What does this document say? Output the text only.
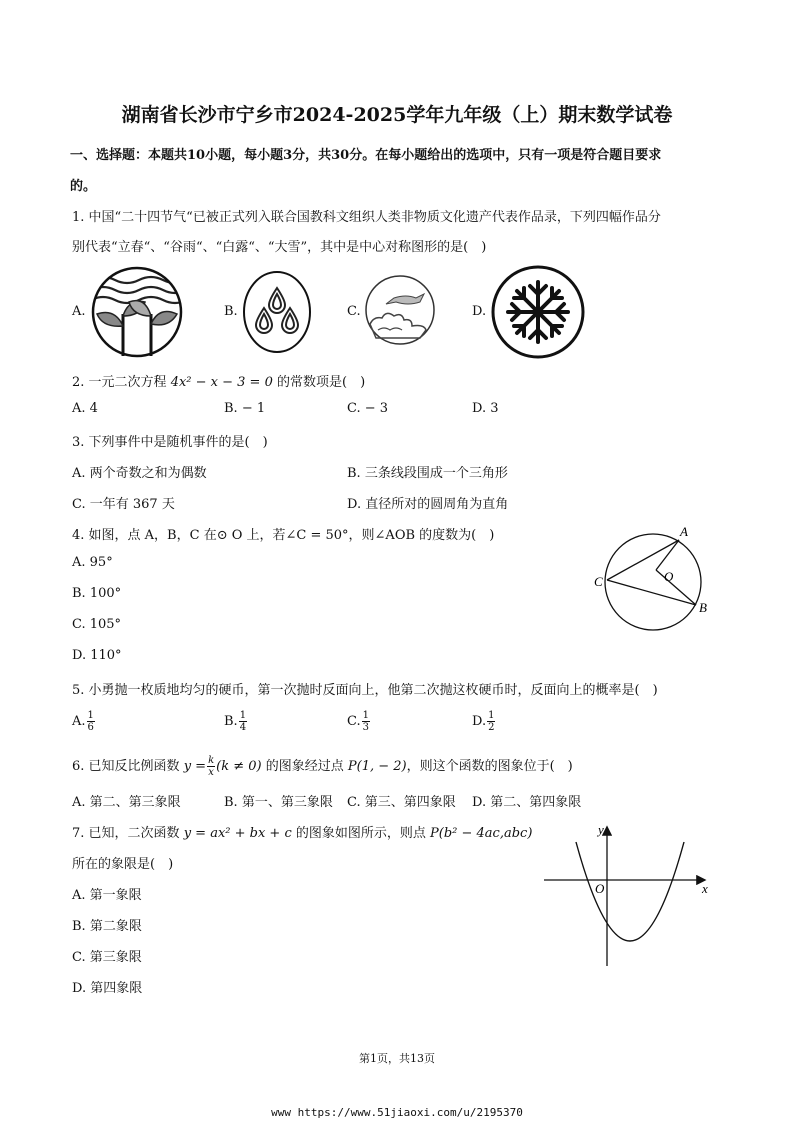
湖南省长沙市宁乡市2024-2025学年九年级（上）期末数学试卷
一、选择题：本题共10小题，每小题3分，共30分。在每小题给出的选项中，只有一项是符合题目要求
的。
1. 中国“二十四节气“已被正式列入联合国教科文组织人类非物质文化遗产代表作品录，下列四幅作品分
别代表“立春“、“谷雨“、“白露“、“大雪”，其中是中心对称图形的是(　)
A.	B.	C.	D.
2. 一元二次方程 4x² − x − 3 = 0 的常数项是(　)
A. 4	B. − 1	C. − 3	D. 3
3. 下列事件中是随机事件的是(　)
A. 两个奇数之和为偶数	B. 三条线段围成一个三角形
C. 一年有 367 天	D. 直径所对的圆周角为直角
4. 如图，点 A，B，C 在⊙ O 上，若∠C = 50°，则∠AOB 的度数为(　)
A. 95°
B. 100°
C. 105°
D. 110°
A
B
C	O
5. 小勇抛一枚质地均匀的硬币，第一次抛时反面向上，他第二次抛这枚硬币时，反面向上的概率是(　)
A. $\frac{1}{6}$	B. $\frac{1}{4}$	C. $\frac{1}{3}$	D. $\frac{1}{2}$
6. 已知反比例函数 $y = \frac{k}{x} (k \ne 0)$ 的图象经过点 P(1, − 2)，则这个函数的图象位于(　)
A. 第二、第三象限	B. 第一、第三象限 C. 第三、第四象限 D. 第二、第四象限
7. 已知，二次函数 y = ax² + bx + c 的图象如图所示，则点 P(b² − 4ac,abc)
所在的象限是(　)
A. 第一象限
B. 第二象限
C. 第三象限
D. 第四象限
y
x
O
第1页，共13页
www https://www.51jiaoxi.com/u/2195370
